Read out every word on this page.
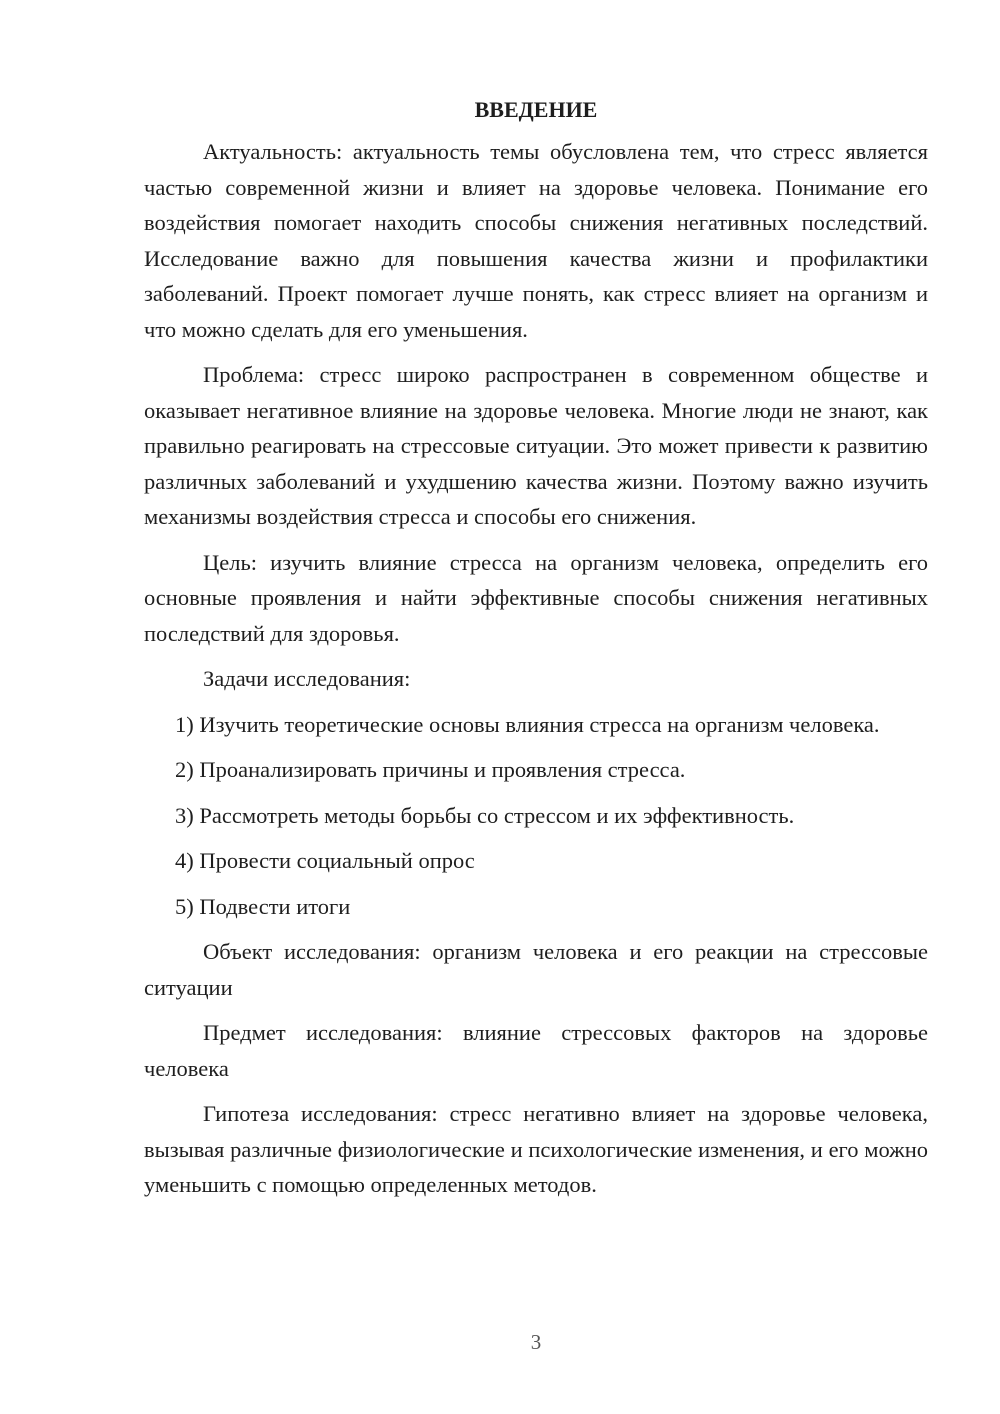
ВВЕДЕНИЕ

Актуальность: актуальность темы обусловлена тем, что стресс является частью современной жизни и влияет на здоровье человека. Понимание его воздействия помогает находить способы снижения негативных последствий. Исследование важно для повышения качества жизни и профилактики заболеваний. Проект помогает лучше понять, как стресс влияет на организм и что можно сделать для его уменьшения.

Проблема: стресс широко распространен в современном обществе и оказывает негативное влияние на здоровье человека. Многие люди не знают, как правильно реагировать на стрессовые ситуации. Это может привести к развитию различных заболеваний и ухудшению качества жизни. Поэтому важно изучить механизмы воздействия стресса и способы его снижения.

Цель: изучить влияние стресса на организм человека, определить его основные проявления и найти эффективные способы снижения негативных последствий для здоровья.

Задачи исследования:

1) Изучить теоретические основы влияния стресса на организм человека.

2) Проанализировать причины и проявления стресса.

3) Рассмотреть методы борьбы со стрессом и их эффективность.

4) Провести социальный опрос

5) Подвести итоги

Объект исследования: организм человека и его реакции на стрессовые ситуации

Предмет исследования: влияние стрессовых факторов на здоровье человека

Гипотеза исследования: стресс негативно влияет на здоровье человека, вызывая различные физиологические и психологические изменения, и его можно уменьшить с помощью определенных методов.

3
